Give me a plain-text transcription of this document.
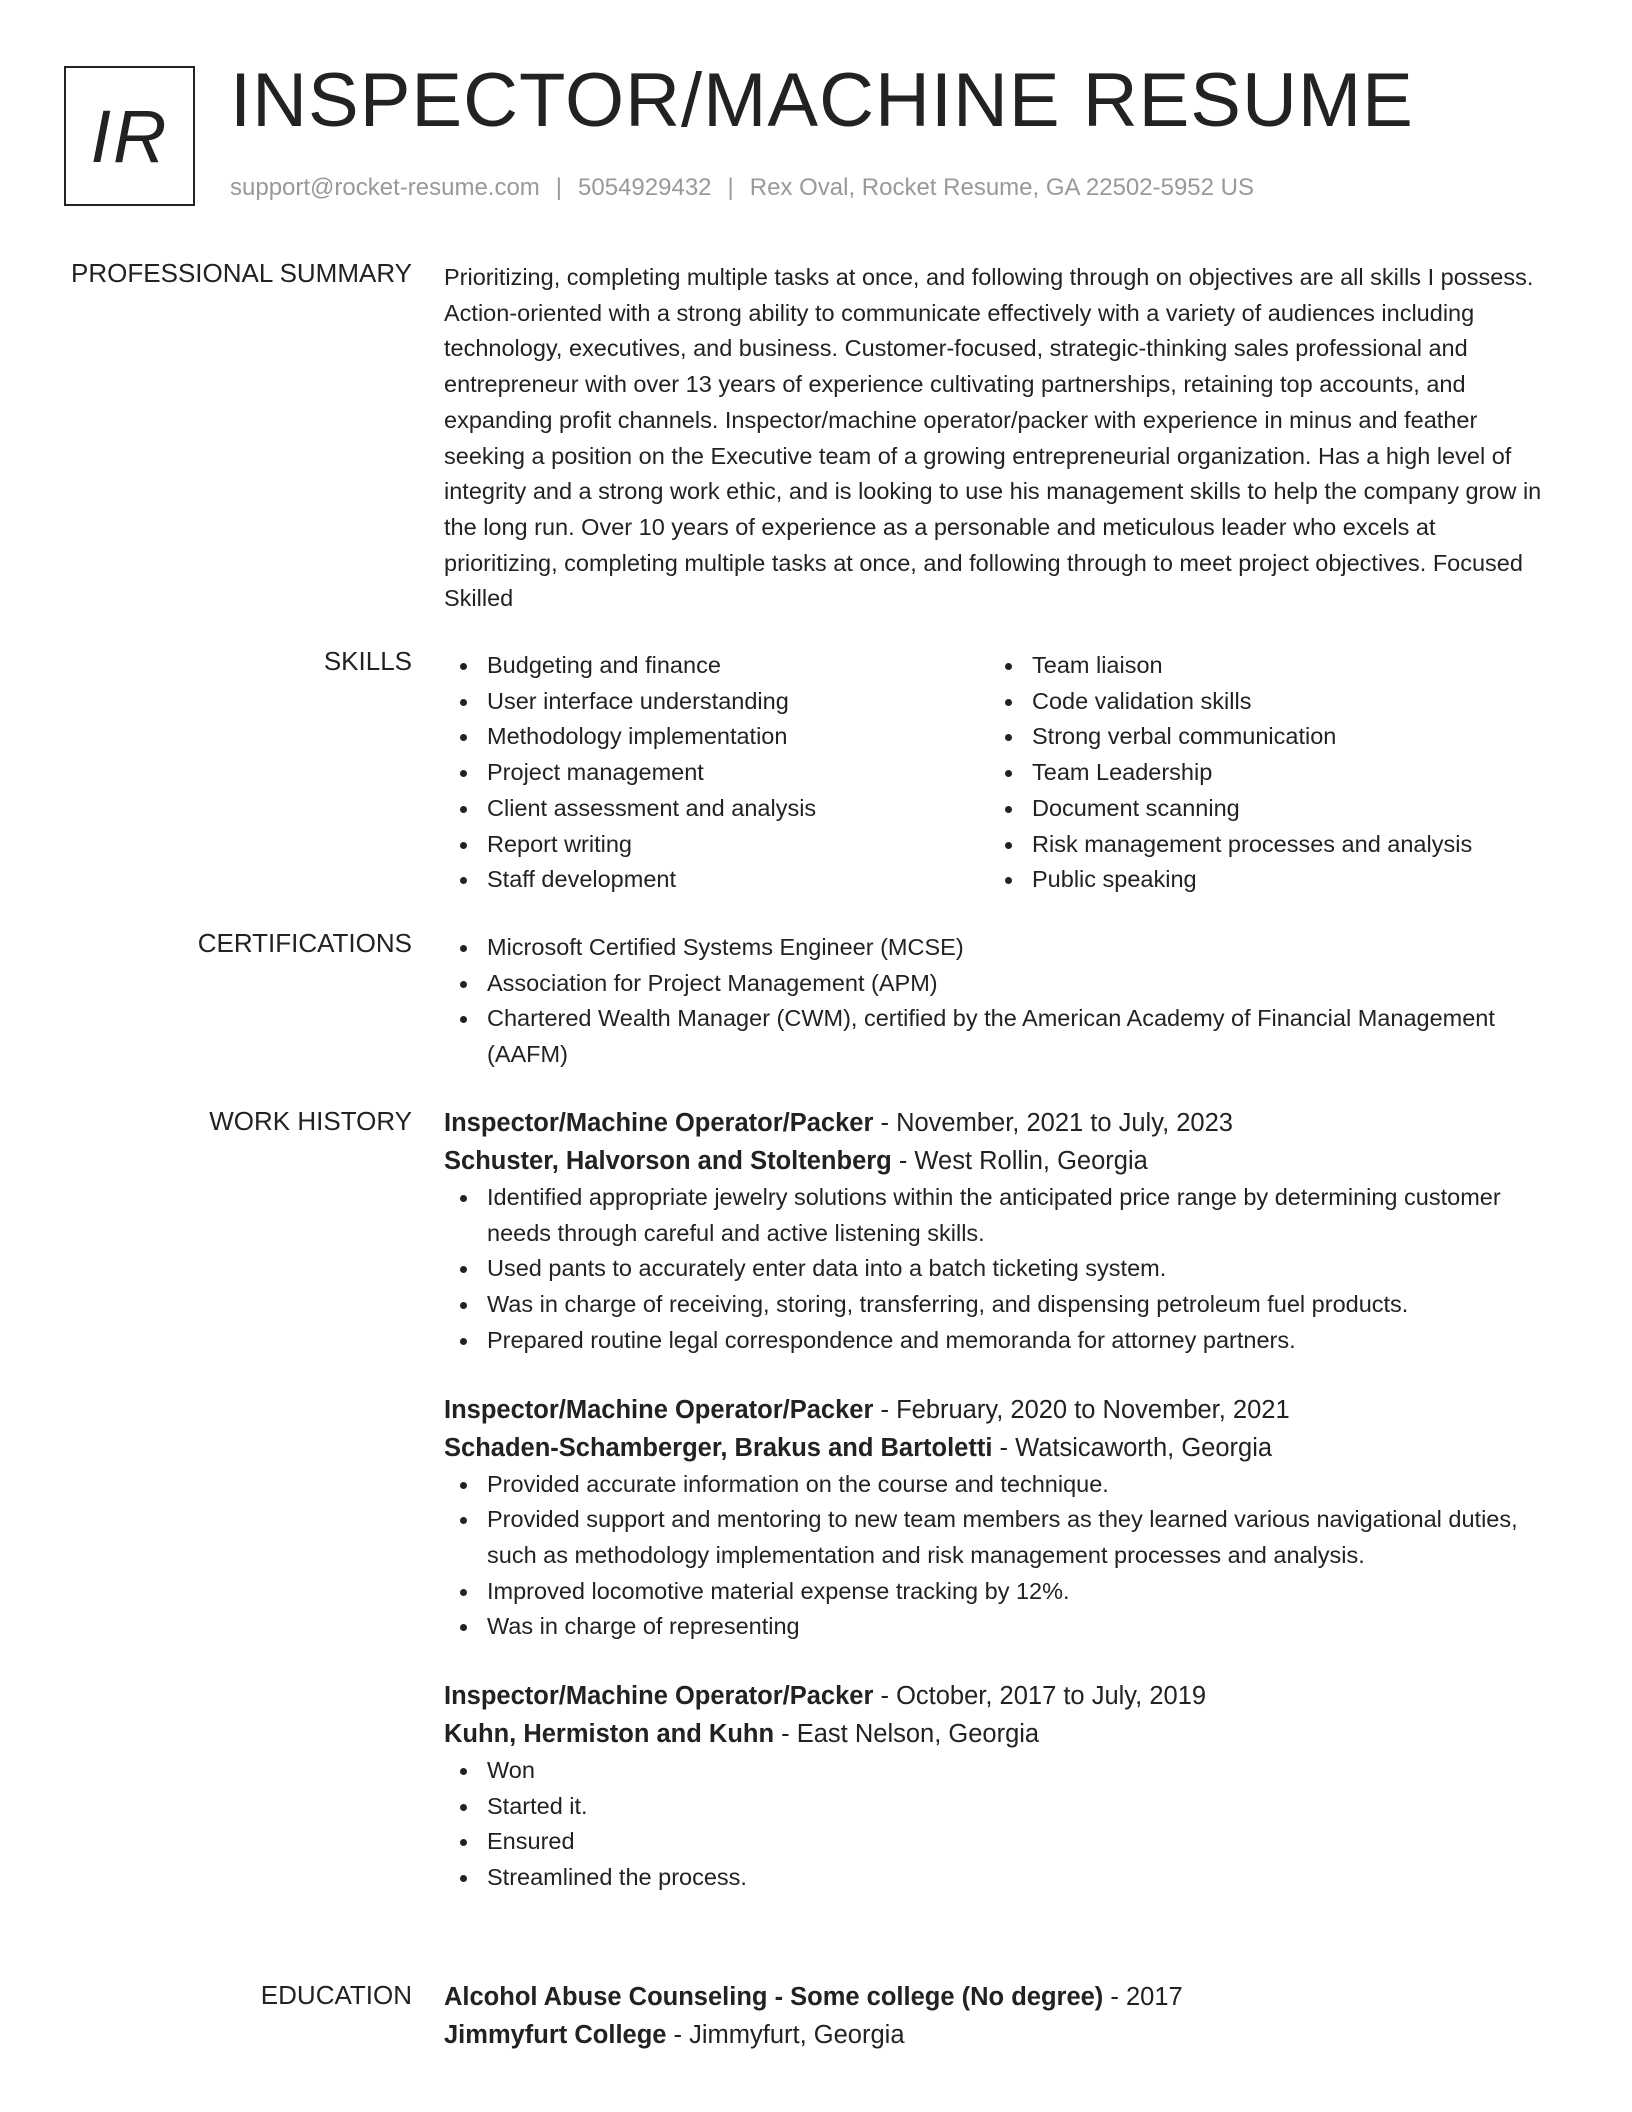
IR INSPECTOR/MACHINE RESUME
support@rocket-resume.com | 5054929432 | Rex Oval, Rocket Resume, GA 22502-5952 US
PROFESSIONAL SUMMARY Prioritizing, completing multiple tasks at once, and following through on objectives are all skills I possess. Action-oriented with a strong ability to communicate effectively with a variety of audiences including technology, executives, and business. Customer-focused, strategic-thinking sales professional and entrepreneur with over 13 years of experience cultivating partnerships, retaining top accounts, and expanding profit channels. Inspector/machine operator/packer with experience in minus and feather seeking a position on the Executive team of a growing entrepreneurial organization. Has a high level of integrity and a strong work ethic, and is looking to use his management skills to help the company grow in the long run. Over 10 years of experience as a personable and meticulous leader who excels at prioritizing, completing multiple tasks at once, and following through to meet project objectives. Focused Skilled

SKILLS	Budgeting and finance
User interface understanding
Methodology implementation
Project management
Client assessment and analysis
Report writing
Staff development
Team liaison
Code validation skills
Strong verbal communication
Team Leadership
Document scanning
Risk management processes and analysis
Public speaking
CERTIFICATIONS	Microsoft Certified Systems Engineer (MCSE)
Association for Project Management (APM)
Chartered Wealth Manager (CWM), certified by the American Academy of Financial Management (AAFM)
WORK HISTORY Inspector/Machine Operator/Packer - November, 2021 to July, 2023
Schuster, Halvorson and Stoltenberg - West Rollin, Georgia
Identified appropriate jewelry solutions within the anticipated price range by determining customer needs through careful and active listening skills.
Used pants to accurately enter data into a batch ticketing system.
Was in charge of receiving, storing, transferring, and dispensing petroleum fuel products.
Prepared routine legal correspondence and memoranda for attorney partners.
Inspector/Machine Operator/Packer - February, 2020 to November, 2021
Schaden-Schamberger, Brakus and Bartoletti - Watsicaworth, Georgia
Provided accurate information on the course and technique.
Provided support and mentoring to new team members as they learned various navigational duties, such as methodology implementation and risk management processes and analysis.
Improved locomotive material expense tracking by 12%.
Was in charge of representing
Inspector/Machine Operator/Packer - October, 2017 to July, 2019
Kuhn, Hermiston and Kuhn - East Nelson, Georgia
Won
Started it.
Ensured
Streamlined the process.
EDUCATION Alcohol Abuse Counseling - Some college (No degree) - 2017
Jimmyfurt College - Jimmyfurt, Georgia
